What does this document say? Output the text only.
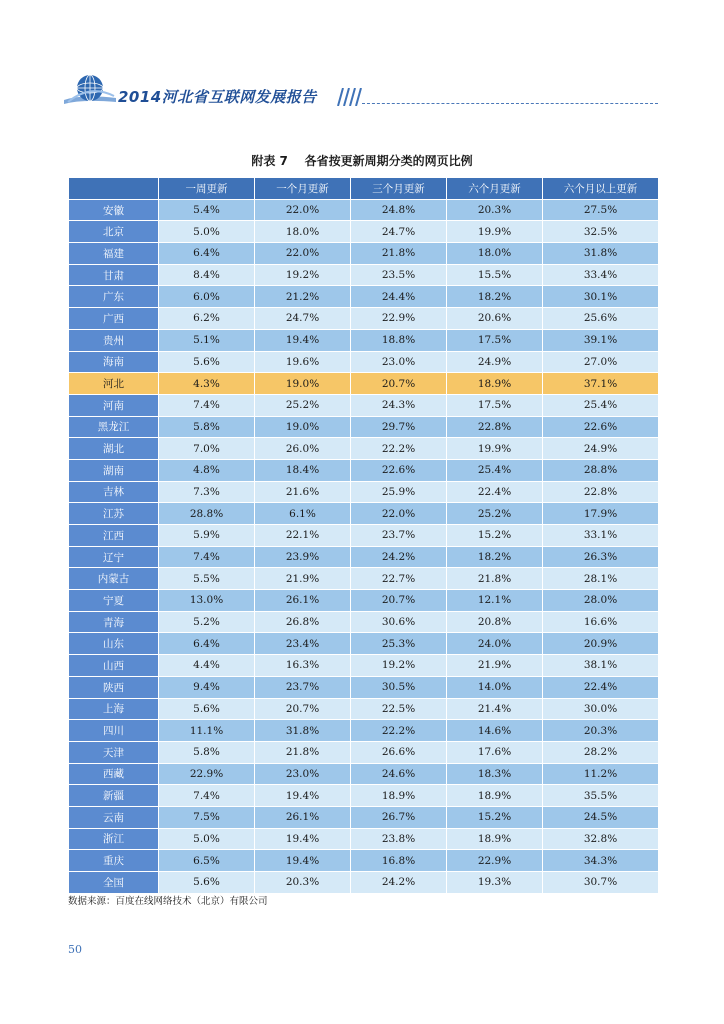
2014河北省互联网发展报告
附表 7 各省按更新周期分类的网页比例
	一周更新	一个月更新	三个月更新	六个月更新	六个月以上更新
安徽	5.4%	22.0%	24.8%	20.3%	27.5%
北京	5.0%	18.0%	24.7%	19.9%	32.5%
福建	6.4%	22.0%	21.8%	18.0%	31.8%
甘肃	8.4%	19.2%	23.5%	15.5%	33.4%
广东	6.0%	21.2%	24.4%	18.2%	30.1%
广西	6.2%	24.7%	22.9%	20.6%	25.6%
贵州	5.1%	19.4%	18.8%	17.5%	39.1%
海南	5.6%	19.6%	23.0%	24.9%	27.0%
河北	4.3%	19.0%	20.7%	18.9%	37.1%
河南	7.4%	25.2%	24.3%	17.5%	25.4%
黑龙江	5.8%	19.0%	29.7%	22.8%	22.6%
湖北	7.0%	26.0%	22.2%	19.9%	24.9%
湖南	4.8%	18.4%	22.6%	25.4%	28.8%
吉林	7.3%	21.6%	25.9%	22.4%	22.8%
江苏	28.8%	6.1%	22.0%	25.2%	17.9%
江西	5.9%	22.1%	23.7%	15.2%	33.1%
辽宁	7.4%	23.9%	24.2%	18.2%	26.3%
内蒙古	5.5%	21.9%	22.7%	21.8%	28.1%
宁夏	13.0%	26.1%	20.7%	12.1%	28.0%
青海	5.2%	26.8%	30.6%	20.8%	16.6%
山东	6.4%	23.4%	25.3%	24.0%	20.9%
山西	4.4%	16.3%	19.2%	21.9%	38.1%
陕西	9.4%	23.7%	30.5%	14.0%	22.4%
上海	5.6%	20.7%	22.5%	21.4%	30.0%
四川	11.1%	31.8%	22.2%	14.6%	20.3%
天津	5.8%	21.8%	26.6%	17.6%	28.2%
西藏	22.9%	23.0%	24.6%	18.3%	11.2%
新疆	7.4%	19.4%	18.9%	18.9%	35.5%
云南	7.5%	26.1%	26.7%	15.2%	24.5%
浙江	5.0%	19.4%	23.8%	18.9%	32.8%
重庆	6.5%	19.4%	16.8%	22.9%	34.3%
全国	5.6%	20.3%	24.2%	19.3%	30.7%
数据来源：百度在线网络技术（北京）有限公司
50
